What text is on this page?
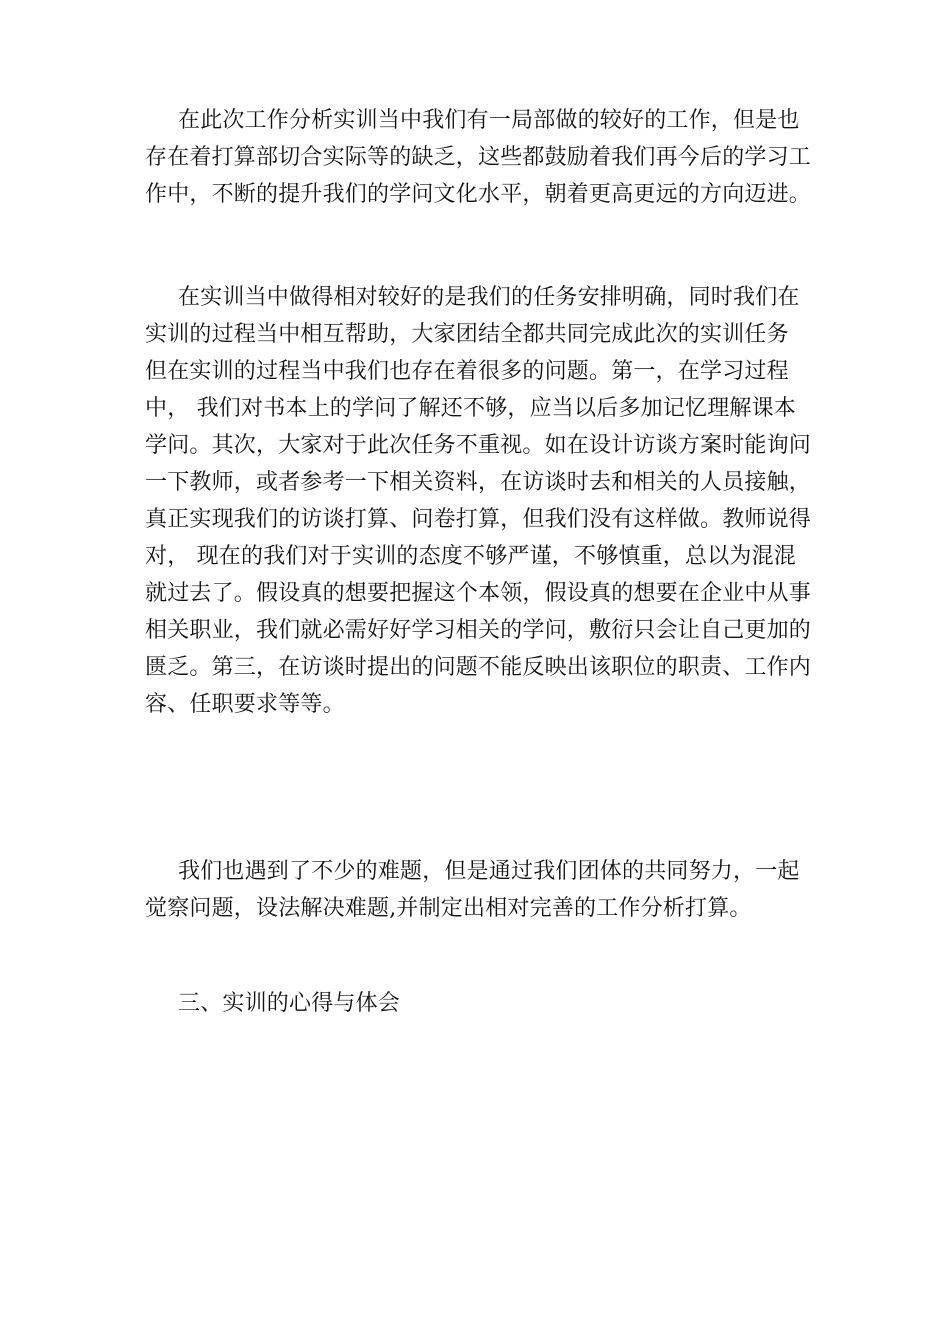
在此次工作分析实训当中我们有一局部做的较好的工作，但是也
存在着打算部切合实际等的缺乏，这些都鼓励着我们再今后的学习工
作中，不断的提升我们的学问文化水平，朝着更高更远的方向迈进。
在实训当中做得相对较好的是我们的任务安排明确，同时我们在
实训的过程当中相互帮助，大家团结全都共同完成此次的实训任务
但在实训的过程当中我们也存在着很多的问题。第一，在学习过程
中， 我们对书本上的学问了解还不够，应当以后多加记忆理解课本
学问。其次，大家对于此次任务不重视。如在设计访谈方案时能询问
一下教师，或者参考一下相关资料，在访谈时去和相关的人员接触，
真正实现我们的访谈打算、问卷打算，但我们没有这样做。教师说得
对， 现在的我们对于实训的态度不够严谨，不够慎重，总以为混混
就过去了。假设真的想要把握这个本领，假设真的想要在企业中从事
相关职业，我们就必需好好学习相关的学问，敷衍只会让自己更加的
匮乏。第三，在访谈时提出的问题不能反映出该职位的职责、工作内
容、任职要求等等。
我们也遇到了不少的难题，但是通过我们团体的共同努力，一起
觉察问题，设法解决难题,并制定出相对完善的工作分析打算。
三、实训的心得与体会
